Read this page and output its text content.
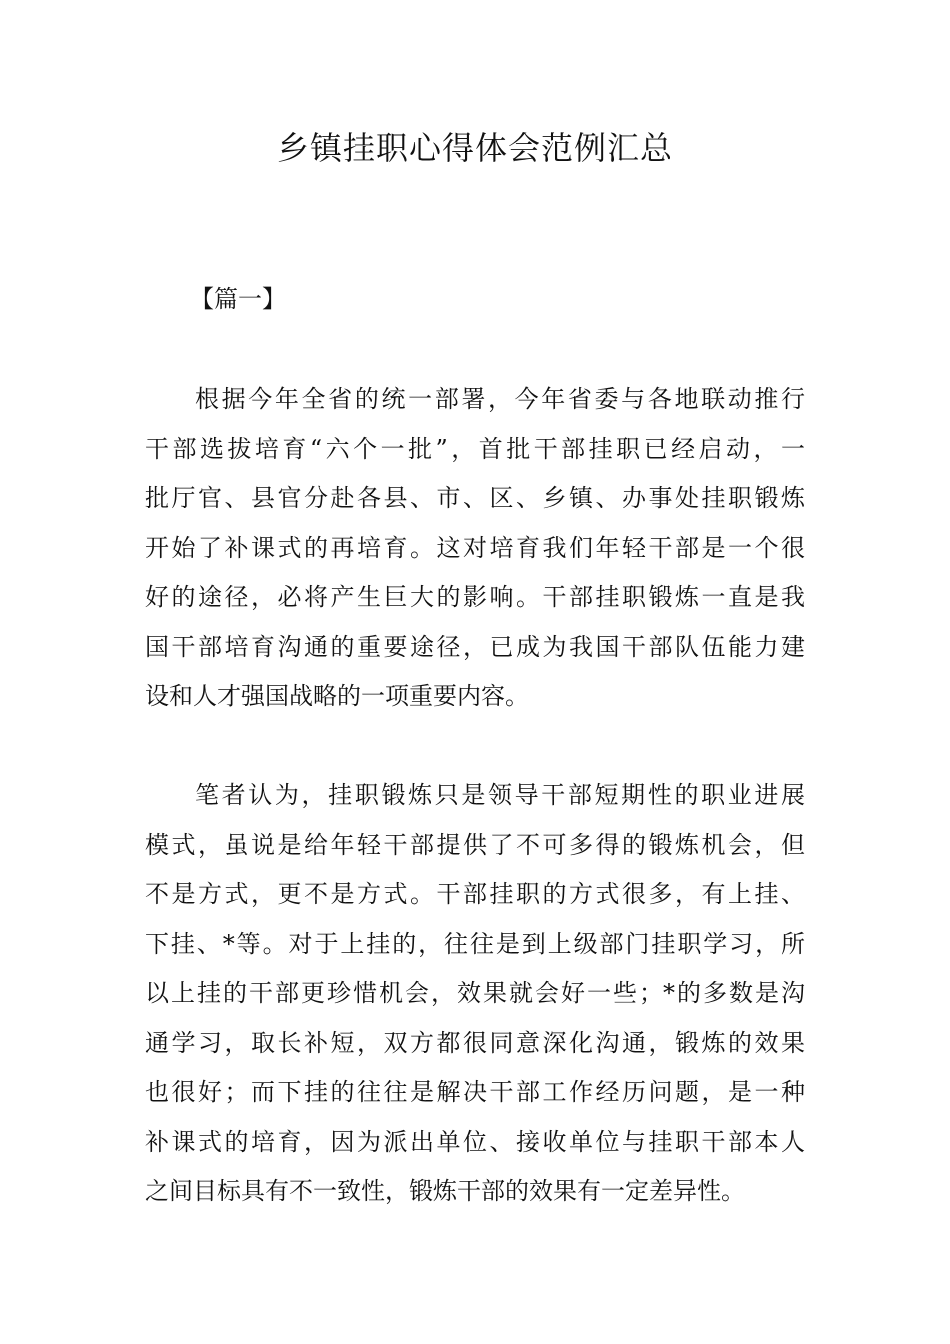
乡镇挂职心得体会范例汇总

【篇一】

根据今年全省的统一部署，今年省委与各地联动推行
干部选拔培育“六个一批”，首批干部挂职已经启动，一
批厅官、县官分赴各县、市、区、乡镇、办事处挂职锻炼
开始了补课式的再培育。这对培育我们年轻干部是一个很
好的途径，必将产生巨大的影响。干部挂职锻炼一直是我
国干部培育沟通的重要途径，已成为我国干部队伍能力建
设和人才强国战略的一项重要内容。
笔者认为，挂职锻炼只是领导干部短期性的职业进展
模式，虽说是给年轻干部提供了不可多得的锻炼机会，但
不是方式，更不是方式。干部挂职的方式很多，有上挂、
下挂、*等。对于上挂的，往往是到上级部门挂职学习，所
以上挂的干部更珍惜机会，效果就会好一些；*的多数是沟
通学习，取长补短，双方都很同意深化沟通，锻炼的效果
也很好；而下挂的往往是解决干部工作经历问题，是一种
补课式的培育，因为派出单位、接收单位与挂职干部本人
之间目标具有不一致性，锻炼干部的效果有一定差异性。
